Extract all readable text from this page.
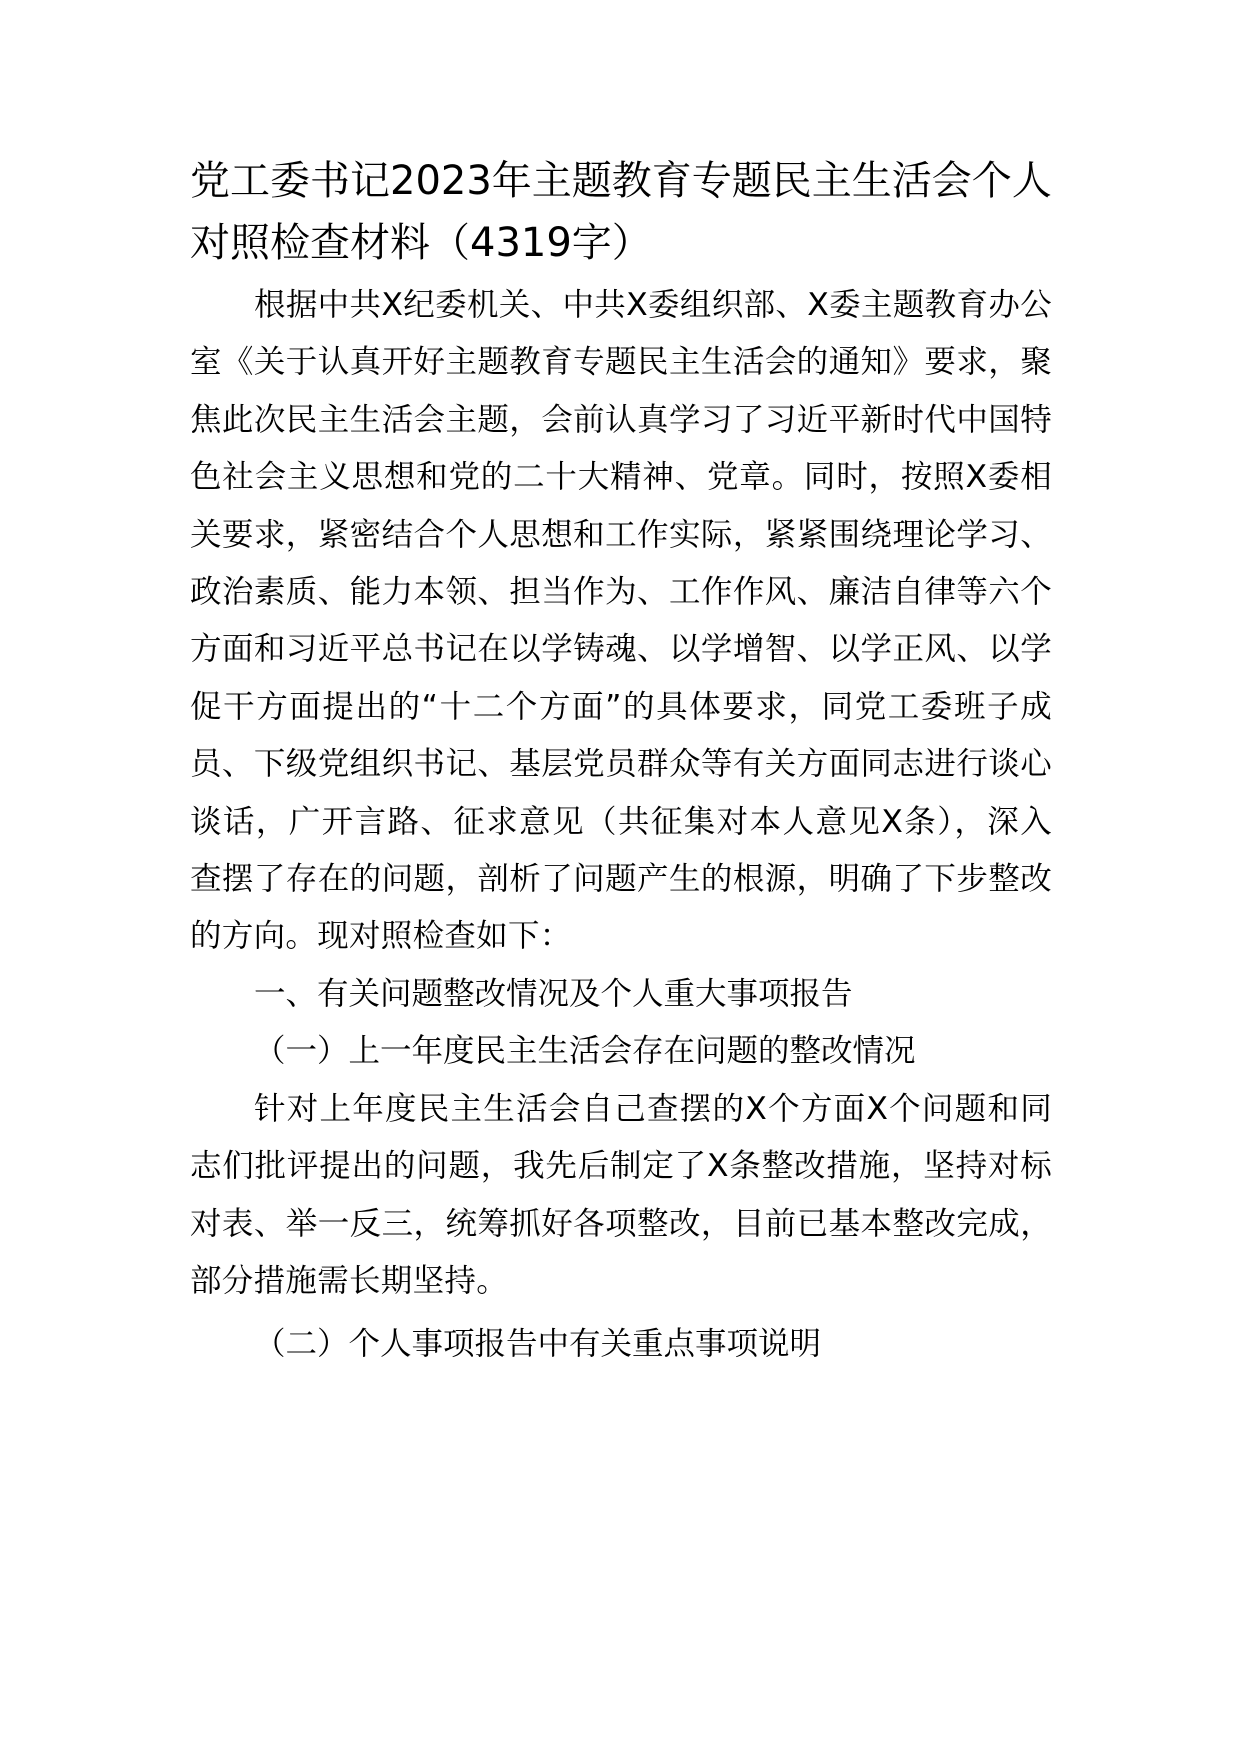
党工委书记2023年主题教育专题民主生活会个人对照检查材料（4319字）

根据中共X纪委机关、中共X委组织部、X委主题教育办公室《关于认真开好主题教育专题民主生活会的通知》要求，聚焦此次民主生活会主题，会前认真学习了习近平新时代中国特色社会主义思想和党的二十大精神、党章。同时，按照X委相关要求，紧密结合个人思想和工作实际，紧紧围绕理论学习、政治素质、能力本领、担当作为、工作作风、廉洁自律等六个方面和习近平总书记在以学铸魂、以学增智、以学正风、以学促干方面提出的“十二个方面”的具体要求，同党工委班子成员、下级党组织书记、基层党员群众等有关方面同志进行谈心谈话，广开言路、征求意见（共征集对本人意见X条），深入查摆了存在的问题，剖析了问题产生的根源，明确了下步整改的方向。现对照检查如下：

一、有关问题整改情况及个人重大事项报告

（一）上一年度民主生活会存在问题的整改情况

针对上年度民主生活会自己查摆的X个方面X个问题和同志们批评提出的问题，我先后制定了X条整改措施，坚持对标对表、举一反三，统筹抓好各项整改，目前已基本整改完成，部分措施需长期坚持。

（二）个人事项报告中有关重点事项说明
